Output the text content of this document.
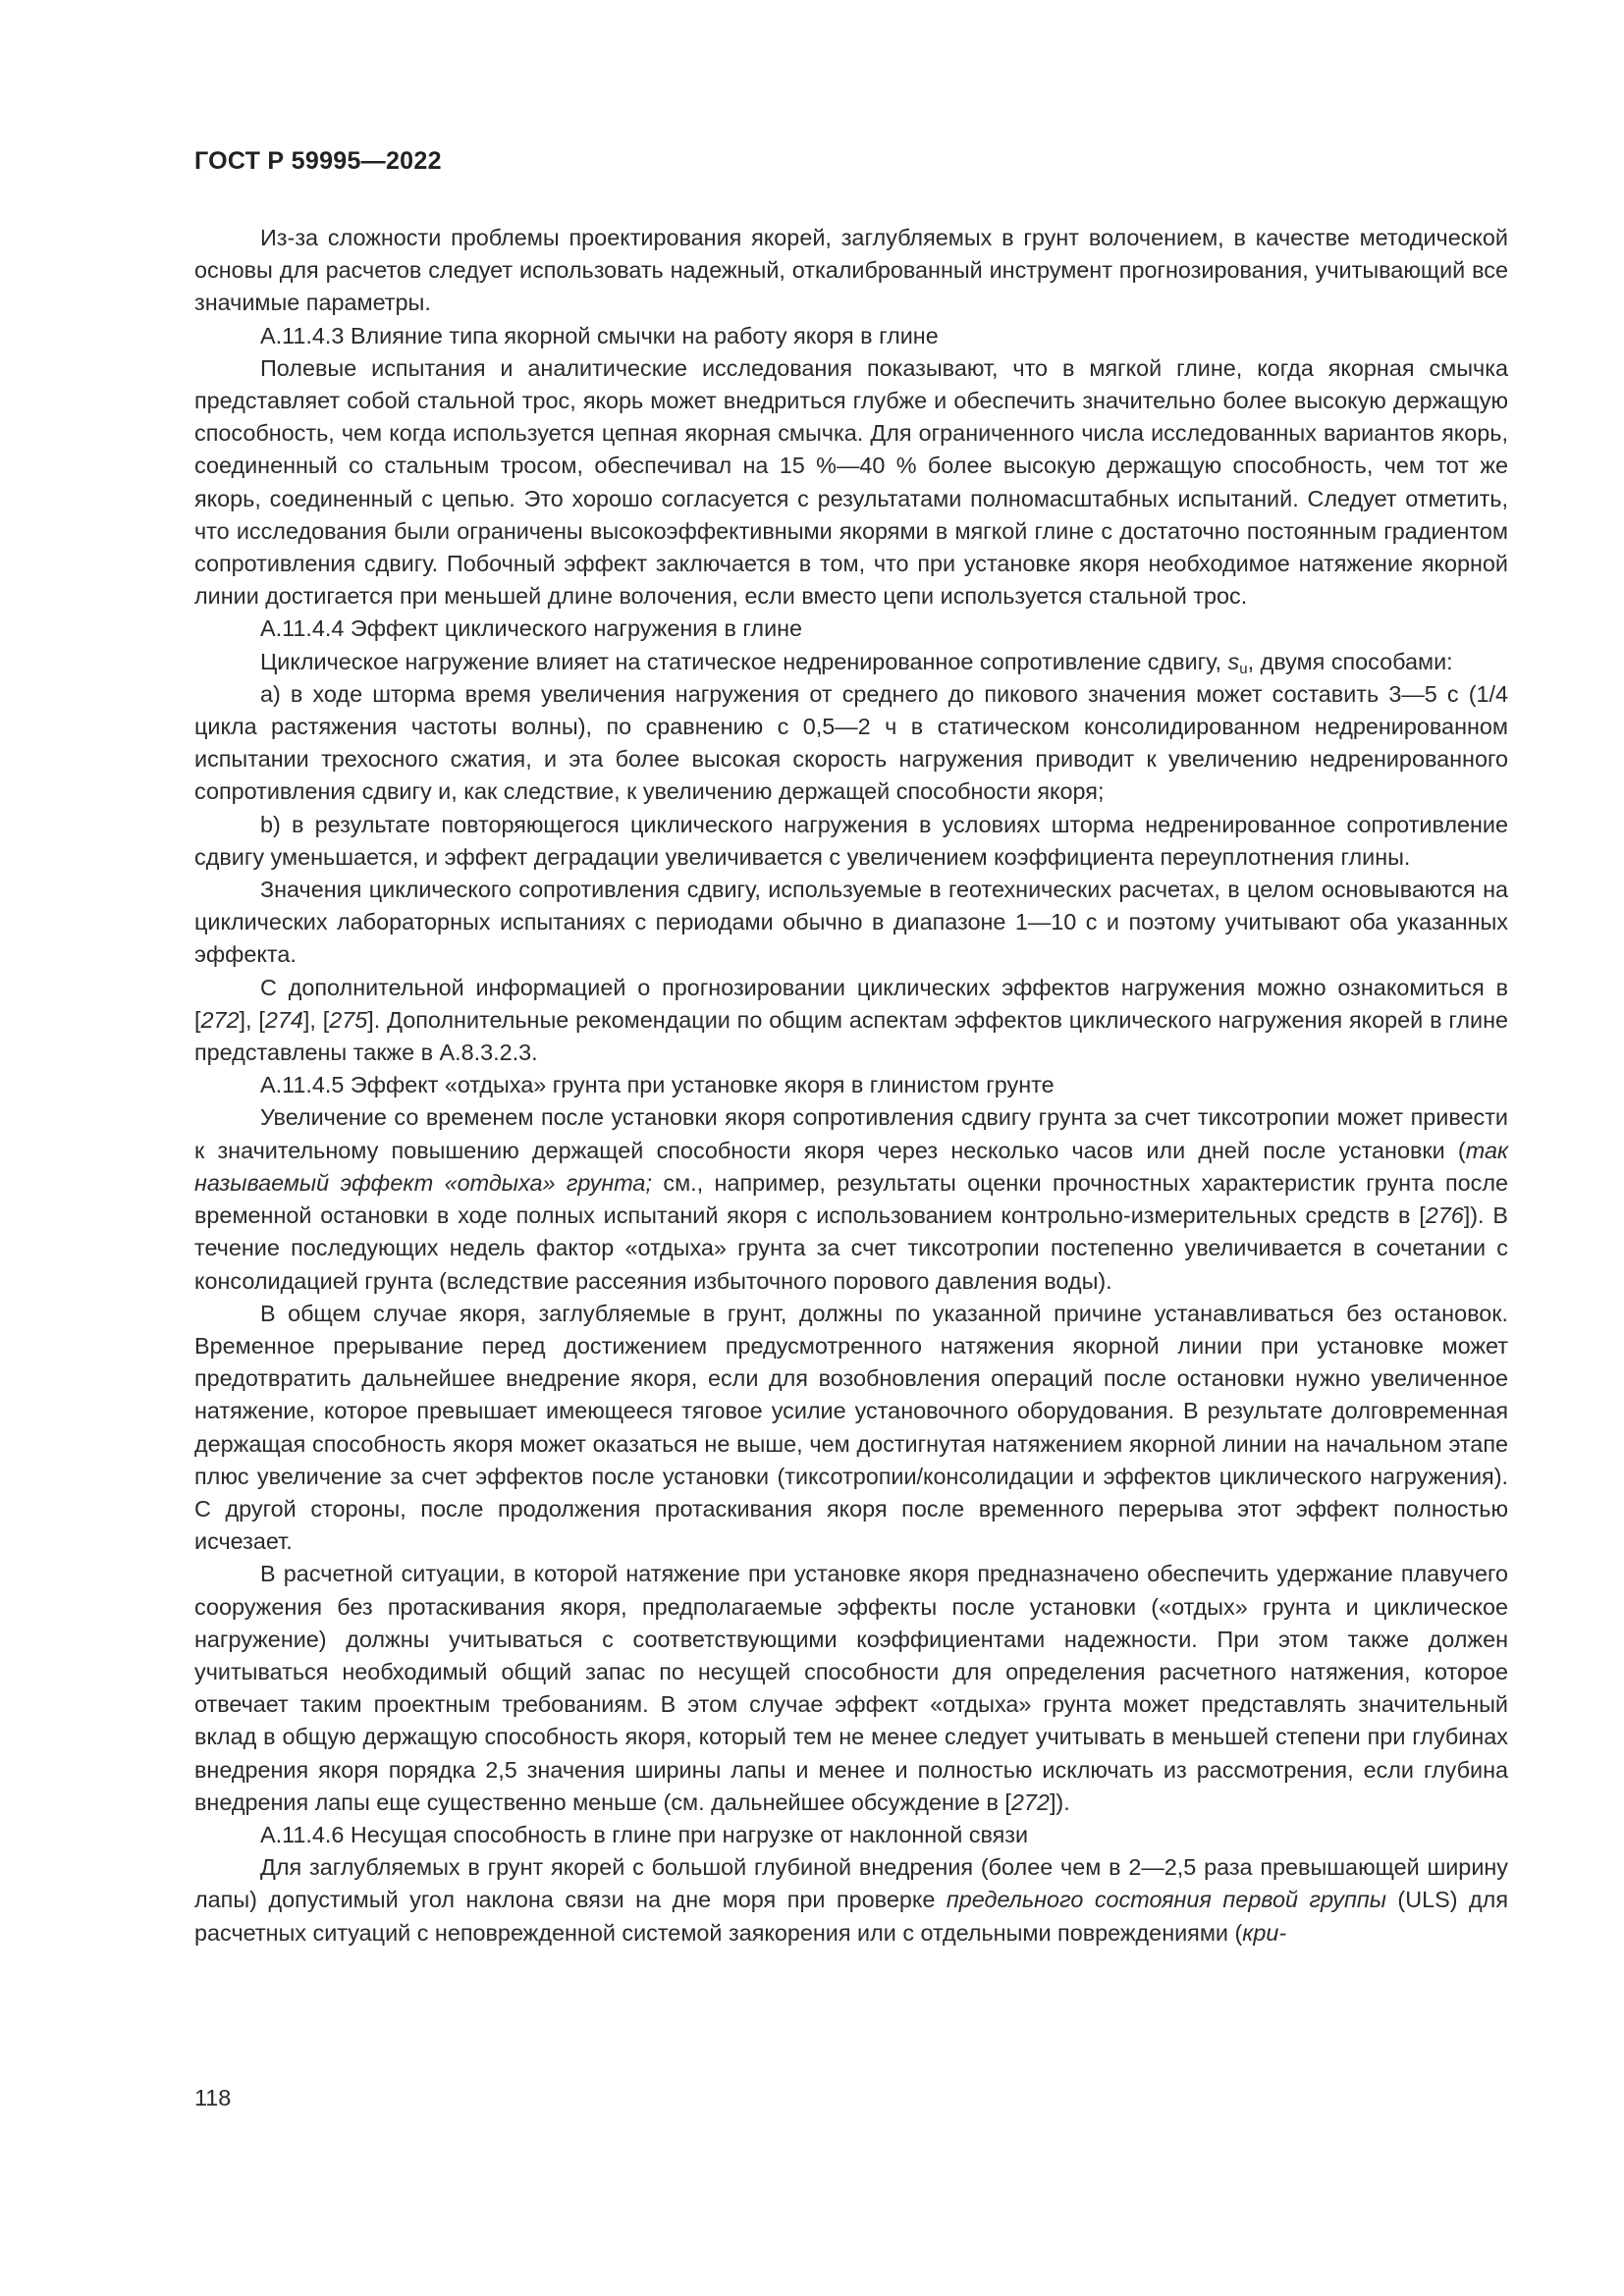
ГОСТ Р 59995—2022

Из-за сложности проблемы проектирования якорей, заглубляемых в грунт волочением, в качестве методической основы для расчетов следует использовать надежный, откалиброванный инструмент прогнозирования, учитывающий все значимые параметры.

А.11.4.3 Влияние типа якорной смычки на работу якоря в глине

Полевые испытания и аналитические исследования показывают, что в мягкой глине, когда якорная смычка представляет собой стальной трос, якорь может внедриться глубже и обеспечить значительно более высокую держащую способность, чем когда используется цепная якорная смычка. Для ограниченного числа исследованных вариантов якорь, соединенный со стальным тросом, обеспечивал на 15 %—40 % более высокую держащую способность, чем тот же якорь, соединенный с цепью. Это хорошо согласуется с результатами полномасштабных испытаний. Следует отметить, что исследования были ограничены высокоэффективными якорями в мягкой глине с достаточно постоянным градиентом сопротивления сдвигу. Побочный эффект заключается в том, что при установке якоря необходимое натяжение якорной линии достигается при меньшей длине волочения, если вместо цепи используется стальной трос.

А.11.4.4 Эффект циклического нагружения в глине

Циклическое нагружение влияет на статическое недренированное сопротивление сдвигу, $s_u$, двумя способами:

a) в ходе шторма время увеличения нагружения от среднего до пикового значения может составить 3—5 с (1/4 цикла растяжения частоты волны), по сравнению с 0,5—2 ч в статическом консолидированном недренированном испытании трехосного сжатия, и эта более высокая скорость нагружения приводит к увеличению недренированного сопротивления сдвигу и, как следствие, к увеличению держащей способности якоря;

b) в результате повторяющегося циклического нагружения в условиях шторма недренированное сопротивление сдвигу уменьшается, и эффект деградации увеличивается с увеличением коэффициента переуплотнения глины.

Значения циклического сопротивления сдвигу, используемые в геотехнических расчетах, в целом основываются на циклических лабораторных испытаниях с периодами обычно в диапазоне 1—10 с и поэтому учитывают оба указанных эффекта.

С дополнительной информацией о прогнозировании циклических эффектов нагружения можно ознакомиться в [272], [274], [275]. Дополнительные рекомендации по общим аспектам эффектов циклического нагружения якорей в глине представлены также в А.8.3.2.3.

А.11.4.5 Эффект «отдыха» грунта при установке якоря в глинистом грунте

Увеличение со временем после установки якоря сопротивления сдвигу грунта за счет тиксотропии может привести к значительному повышению держащей способности якоря через несколько часов или дней после установки (так называемый эффект «отдыха» грунта; см., например, результаты оценки прочностных характеристик грунта после временной остановки в ходе полных испытаний якоря с использованием контрольно-измерительных средств в [276]). В течение последующих недель фактор «отдыха» грунта за счет тиксотропии постепенно увеличивается в сочетании с консолидацией грунта (вследствие рассеяния избыточного порового давления воды).

В общем случае якоря, заглубляемые в грунт, должны по указанной причине устанавливаться без остановок. Временное прерывание перед достижением предусмотренного натяжения якорной линии при установке может предотвратить дальнейшее внедрение якоря, если для возобновления операций после остановки нужно увеличенное натяжение, которое превышает имеющееся тяговое усилие установочного оборудования. В результате долговременная держащая способность якоря может оказаться не выше, чем достигнутая натяжением якорной линии на начальном этапе плюс увеличение за счет эффектов после установки (тиксотропии/консолидации и эффектов циклического нагружения). С другой стороны, после продолжения протаскивания якоря после временного перерыва этот эффект полностью исчезает.

В расчетной ситуации, в которой натяжение при установке якоря предназначено обеспечить удержание плавучего сооружения без протаскивания якоря, предполагаемые эффекты после установки («отдых» грунта и циклическое нагружение) должны учитываться с соответствующими коэффициентами надежности. При этом также должен учитываться необходимый общий запас по несущей способности для определения расчетного натяжения, которое отвечает таким проектным требованиям. В этом случае эффект «отдыха» грунта может представлять значительный вклад в общую держащую способность якоря, который тем не менее следует учитывать в меньшей степени при глубинах внедрения якоря порядка 2,5 значения ширины лапы и менее и полностью исключать из рассмотрения, если глубина внедрения лапы еще существенно меньше (см. дальнейшее обсуждение в [272]).

А.11.4.6 Несущая способность в глине при нагрузке от наклонной связи

Для заглубляемых в грунт якорей с большой глубиной внедрения (более чем в 2—2,5 раза превышающей ширину лапы) допустимый угол наклона связи на дне моря при проверке предельного состояния первой группы (ULS) для расчетных ситуаций с неповрежденной системой заякорения или с отдельными повреждениями (кри-

118
